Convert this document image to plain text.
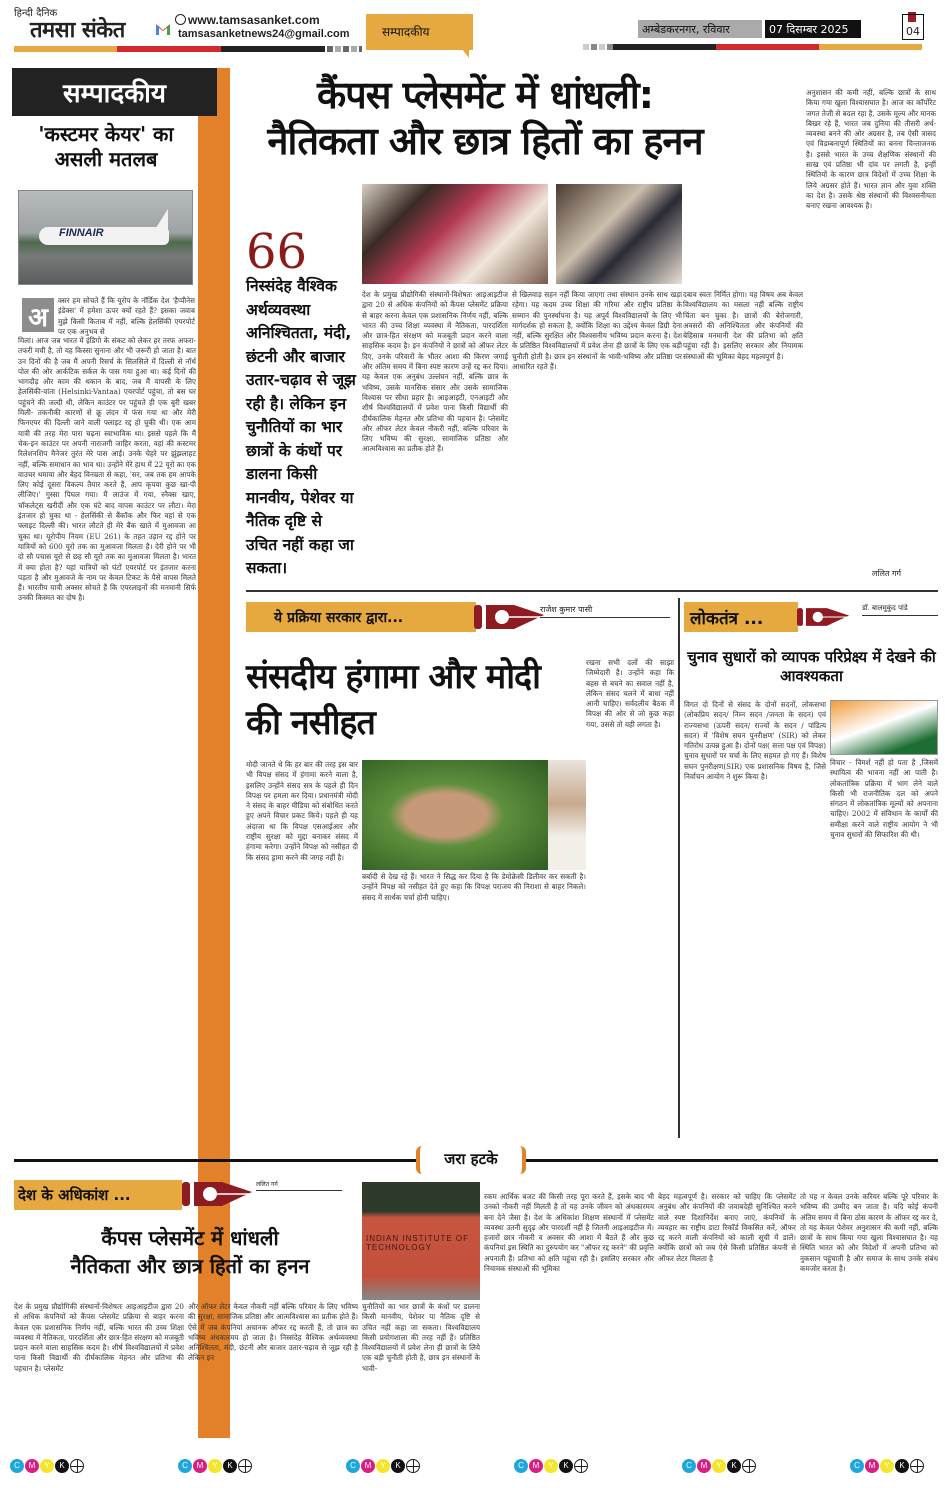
हिन्दी दैनिक
तमसा संकेत	www.tamsasanket.com
tamsasanketnews24@gmail.com	सम्पादकीय	अम्बेडकरनगर, रविवार	07 दिसम्बर 2025	04
सम्पादकीय
'कस्टमर केयर' का असली मतलब
FINNAIR
अ
क्सर हम सोचते हैं कि यूरोप के नॉर्डिक देश 'हैप्पीनेस इंडेक्स' में हमेशा ऊपर क्यों रहते हैं? इसका जवाब मुझे किसी किताब में नहीं, बल्कि हेलसिंकी एयरपोर्ट पर एक अनुभव से
मिला। आज जब भारत में इंडिगो के संकट को लेकर हर तरफ अफरा-तफरी मची है, तो यह किस्सा सुनाना और भी जरूरी हो जाता है। बात उन दिनों की है जब मैं अपनी रिसर्च के सिलसिले में दिल्ली से नॉर्थ पोल की ओर आर्कटिक सर्कल के पास गया हुआ था। कई दिनों की भागदौड़ और काम की थकान के बाद, जब मैं वापसी के लिए हेलसिंकी-वांता (Helsinki-Vantaa) एयरपोर्ट पहुंचा, तो बस घर पहुंचने की जल्दी थी, लेकिन काउंटर पर पहुंचते ही एक बुरी खबर मिली- तकनीकी कारणों से क्रू लंदन में फंस गया था और मेरी फिनएयर की दिल्ली जाने वाली फ्लाइट रद्द हो चुकी थी। एक आम यात्री की तरह मेरा पारा चढ़ना स्वाभाविक था। इससे पहले कि मैं चेक-इन काउंटर पर अपनी नाराजगी जाहिर करता, वहां की कस्टमर रिलेशनशिप मैनेजर तुरंत मेरे पास आईं। उनके चेहरे पर झुंझलाहट नहीं, बल्कि समाधान का भाव था। उन्होंने मेरे हाथ में 22 यूरो का एक वाउचर थमाया और बेहद विनम्रता से कहा, 'सर, जब तक हम आपके लिए कोई दूसरा विकल्प तैयार करते हैं, आप कृपया कुछ खा-पी लीजिए।' गुस्सा पिघल गया। मैं लाउंज में गया, स्नैक्स खाए, चॉकलेट्स खरीदीं और एक घंटे बाद वापस काउंटर पर लौटा। मेरा इंतजार हो चुका था - हेलसिंकी से बैंकॉक और फिर वहां से एक फ्लाइट दिल्ली की। भारत लौटते ही मेरे बैंक खाते में मुआवजा आ चुका था। यूरोपीय नियम (EU 261) के तहत उड़ान रद्द होने पर यात्रियों को 600 यूरो तक का मुआवजा मिलता है। देरी होने पर भी दो सौ पचास यूरो से छह सौ यूरो तक का मुआवजा मिलता है। भारत में क्या होता है? यहां यात्रियों को घंटों एयरपोर्ट पर इंतजार करना पड़ता है और मुआवजे के नाम पर केवल टिकट के पैसे वापस मिलते हैं। भारतीय यात्री अक्सर सोचते हैं कि एयरलाइनों की मनमानी सिर्फ उनकी किस्मत का दोष है।
कैंपस प्लेसमेंट में धांधली:
नैतिकता और छात्र हितों का हनन
66
निस्संदेह वैश्विक अर्थव्यवस्था अनिश्चितता, मंदी, छंटनी और बाजार उतार-चढ़ाव से जूझ रही है। लेकिन इन चुनौतियों का भार छात्रों के कंधों पर डालना किसी मानवीय, पेशेवर या नैतिक दृष्टि से उचित नहीं कहा जा सकता।
देश के प्रमुख प्रौद्योगिकी संस्थानों-विशेषतः आइआइटीज द्वारा 20 से अधिक कंपनियों को कैंपस प्लेसमेंट प्रक्रिया से बाहर करना केवल एक प्रशासनिक निर्णय नहीं, बल्कि भारत की उच्च शिक्षा व्यवस्था में नैतिकता, पारदर्शिता और छात्र-हित संरक्षण को मजबूती प्रदान करने वाला साहसिक कदम है। इन कंपनियों ने छात्रों को ऑफर लेटर दिए, उनके परिवारों के भीतर आशा की किरण जगाई और अंतिम समय में बिना स्पष्ट कारण उन्हें रद्द कर दिया। यह केवल एक अनुबंध उल्लंघन नहीं, बल्कि छात्र के भविष्य, उसके मानसिक संसार और उसके सामाजिक विश्वास पर सीधा प्रहार है। आइआइटी, एनआइटी और शीर्ष विश्वविद्यालयों में प्रवेश पाना किसी विद्यार्थी की दीर्घकालिक मेहनत और प्रतिभा की पहचान है। प्लेसमेंट और ऑफर लेटर केवल नौकरी नहीं, बल्कि परिवार के लिए भविष्य की सुरक्षा, सामाजिक प्रतिष्ठा और आत्मविश्वास का प्रतीक होते हैं।
से खिलवाड़ सहन नहीं किया जाएगा तथा संस्थान उनके साथ खड़ा रहेगा। यह कदम उच्च शिक्षा की गरिमा और राष्ट्रीय प्रतिष्ठा के सम्मान की पुनर्स्थापना है। यह अपूर्व विश्वविद्यालयों के लिए भी मार्गदर्शक हो सकता है, क्योंकि शिक्षा का उद्देश्य केवल डिग्री देना नहीं, बल्कि सुरक्षित और विश्वसनीय भविष्य प्रदान करना है। देश के प्रतिष्ठित विश्वविद्यालयों में प्रवेश लेना ही छात्रों के लिए एक बड़ी चुनौती होती है। छात्र इन संस्थानों के भावी-भविष्य और प्रतिष्ठा पर आधारित रहते हैं।
दबाव स्वतः निर्मित होगा। यह विषय अब केवल विश्वविद्यालय का मसला नहीं बल्कि राष्ट्रीय चिंता बन चुका है। छात्रों की बेरोजगारी, अवसरों की अनिश्चितता और कंपनियों की बेहिसाब मनमानी देश की प्रतिभा को क्षति पहुंचा रही है। इसलिए सरकार और नियामक संस्थाओं की भूमिका बेहद महत्वपूर्ण है।
अनुशासन की कमी नहीं, बल्कि छात्रों के साथ किया गया खुला विश्वासघात है। आज का कॉर्पोरेट जगत तेजी से बदल रहा है, उसके मूल्य और मानक बिखर रहे हैं, भारत जब दुनिया की तीसरी अर्थ-व्यवस्था बनने की ओर अग्रसर है, तब ऐसी त्रासद एवं विडम्बनापूर्ण स्थितियों का बनना चिन्ताजनक है। इससे भारत के उच्च शैक्षणिक संस्थानों की साख एवं प्रतिष्ठा भी दांव पर लगती है, इन्हीं स्थितियों के कारण छात्र विदेशों में उच्च शिक्षा के लिये अग्रसर होते हैं। भारत ज्ञान और युवा शक्ति का देश है। उसके श्रेष्ठ संस्थानों की विश्वसनीयता बनाए रखना आवश्यक है।
ललित गर्ग
ये प्रक्रिया सरकार द्वारा...
राजेश कुमार पासी
संसदीय हंगामा और मोदी की नसीहत
मोदी जानते थे कि हर बार की तरह इस बार भी विपक्ष संसद में हंगामा करने वाला है, इसलिए उन्होंने संसद सत्र के पहले ही दिन विपक्ष पर हमला कर दिया। प्रधानमंत्री मोदी ने संसद के बाहर मीडिया को संबोधित करते हुए अपने विचार प्रकट किये। पहले ही यह अंदाजा था कि विपक्ष एसआईआर और राष्ट्रीय सुरक्षा को मुद्दा बनाकर संसद में हंगामा करेगा। उन्होंने विपक्ष को नसीहत दी कि संसद ड्रामा करने की जगह नहीं है।
बर्बादी से देख रहे हैं। भारत ने सिद्ध कर दिया है कि डेमोक्रेसी डिलीवर कर सकती है। उन्होंने विपक्ष को नसीहत देते हुए कहा कि विपक्ष पराजय की निराशा से बाहर निकले। संसद में सार्थक चर्चा होनी चाहिए।
रखना सभी दलों की साझा जिम्मेदारी है। उन्होंने कहा कि बहस से बचने का सवाल नहीं है, लेकिन संसद चलने में बाधा नहीं आनी चाहिए। सर्वदलीय बैठक में विपक्ष की ओर से जो कुछ कहा गया, उससे तो यही लगता है।
लोकतंत्र ...
डॉ. बालमुकुंद पांडे
चुनाव सुधारों को व्यापक परिप्रेक्ष्य में देखने की आवश्यकता
विगत दो दिनों से संसद के दोनों सदनों, लोकसभा (लोकप्रिय सदन/ निम्न सदन /जनता के सदन) एवं राज्यसभा (ऊपरी सदन/ राज्यों के सदन / पांडित्य सदन) में 'विशेष सघन पुनरीक्षण' (SIR) को लेकर गतिरोध उत्पन्न हुआ है। दोनों पक्ष( सत्ता पक्ष एवं विपक्ष) चुनाव सुधारों पर चर्चा के लिए सहमत हो गए हैं। विशेष सघन पुनरीक्षण(SIR) एक प्रशासनिक विषय है, जिसे निर्वाचन आयोग ने शुरू किया है।
विचार - विमर्श नहीं हो पता है ,जिसमें स्थायित्व की भावना नहीं आ पाती है। लोकतांत्रिक प्रक्रिया में भाग लेने वाले किसी भी राजनीतिक दल को अपने संगठन में लोकतांत्रिक मूल्यों को अपनाना चाहिए। 2002 में संविधान के कार्यों की समीक्षा करने वाले राष्ट्रीय आयोग ने भी चुनाव सुधारों की सिफारिश की थी।
जरा हटके
देश के अधिकांश ...
ललित गर्ग
कैंपस प्लेसमेंट में धांधली
नैतिकता और छात्र हितों का हनन
INDIAN INSTITUTE OF TECHNOLOGY
देश के प्रमुख प्रौद्योगिकी संस्थानों-विशेषतः आइआइटीज द्वारा 20 से अधिक कंपनियों को कैंपस प्लेसमेंट प्रक्रिया से बाहर करना केवल एक प्रशासनिक निर्णय नहीं, बल्कि भारत की उच्च शिक्षा व्यवस्था में नैतिकता, पारदर्शिता और छात्र-हित संरक्षण को मजबूती प्रदान करने वाला साहसिक कदम है। शीर्ष विश्वविद्यालयों में प्रवेश पाना किसी विद्यार्थी की दीर्घकालिक मेहनत और प्रतिभा की पहचान है। प्लेसमेंट
और ऑफर लेटर केवल नौकरी नहीं बल्कि परिवार के लिए भविष्य की सुरक्षा, सामाजिक प्रतिष्ठा और आत्मविश्वास का प्रतीक होते हैं। ऐसे में जब कंपनियां अचानक ऑफर रद्द करती हैं, तो छात्र का भविष्य अंधकारमय हो जाता है। निस्संदेह वैश्विक अर्थव्यवस्था अनिश्चितता, मंदी, छंटनी और बाजार उतार-चढ़ाव से जूझ रही है लेकिन इन
चुनौतियों का भार छात्रों के कंधों पर डालना किसी मानवीय, पेशेवर या नैतिक दृष्टि से उचित नहीं कहा जा सकता। विश्वविद्यालय किसी प्रयोगशाला की तरह नहीं हैं। प्रतिष्ठित विश्वविद्यालयों में प्रवेश लेना ही छात्रों के लिये एक बड़ी चुनौती होती है, छात्र इन संस्थानों के भावी-
रकम आर्थिक बजट की किसी तरह पूरा करते हैं, इसके बाद भी उनको नौकरी नहीं मिलती है तो यह उनके जीवन को अंधकारमय बना देने जैसा है। देश के अधिकांश शिक्षण संस्थानों में प्लेसमेंट व्यवस्था उतनी सुदृढ़ और पारदर्शी नहीं है जितनी आइआइटीज में। हजारों छात्र नौकरी व अवसर की आशा में बैठते हैं और कुछ कंपनियां इस स्थिति का दुरुपयोग कर "ऑफर रद्द करने" की प्रवृत्ति अपनाती हैं। प्रतिभा को क्षति पहुंचा रही है। इसलिए सरकार और नियामक संस्थाओं की भूमिका
बेहद महत्वपूर्ण है। सरकार को चाहिए कि प्लेसमेंट अनुबंध और कंपनियों की जवाबदेही सुनिश्चित करने वाले स्पष्ट दिशानिर्देश बनाए जाएं, कंपनियों के व्यवहार का राष्ट्रीय डाटा रिकॉर्ड विकसित करें, ऑफर रद्द करने वाली कंपनियों को काली सूची में डालें। क्योंकि छात्रों को जब ऐसे किसी प्रतिष्ठित कंपनी से ऑफर लेटर मिलता है
तो यह न केवल उनके करियर बल्कि पूरे परिवार के भविष्य की उम्मीद बन जाता है। यदि कोई कंपनी अंतिम समय में बिना ठोस कारण के ऑफर रद्द कर दे, तो यह केवल पेशेवर अनुशासन की कमी नहीं, बल्कि छात्रों के साथ किया गया खुला विश्वासघात है। यह स्थिति भारत को और विदेशों में अपनी प्रतिभा को नुकसान पहुंचाती है और समाज के साथ उनके संबंध कमजोर करता है।
C	M	Y	K	C	M	Y	K	C	M	Y	K	C	M	Y	K	C	M	Y	K	C	M	Y	K
